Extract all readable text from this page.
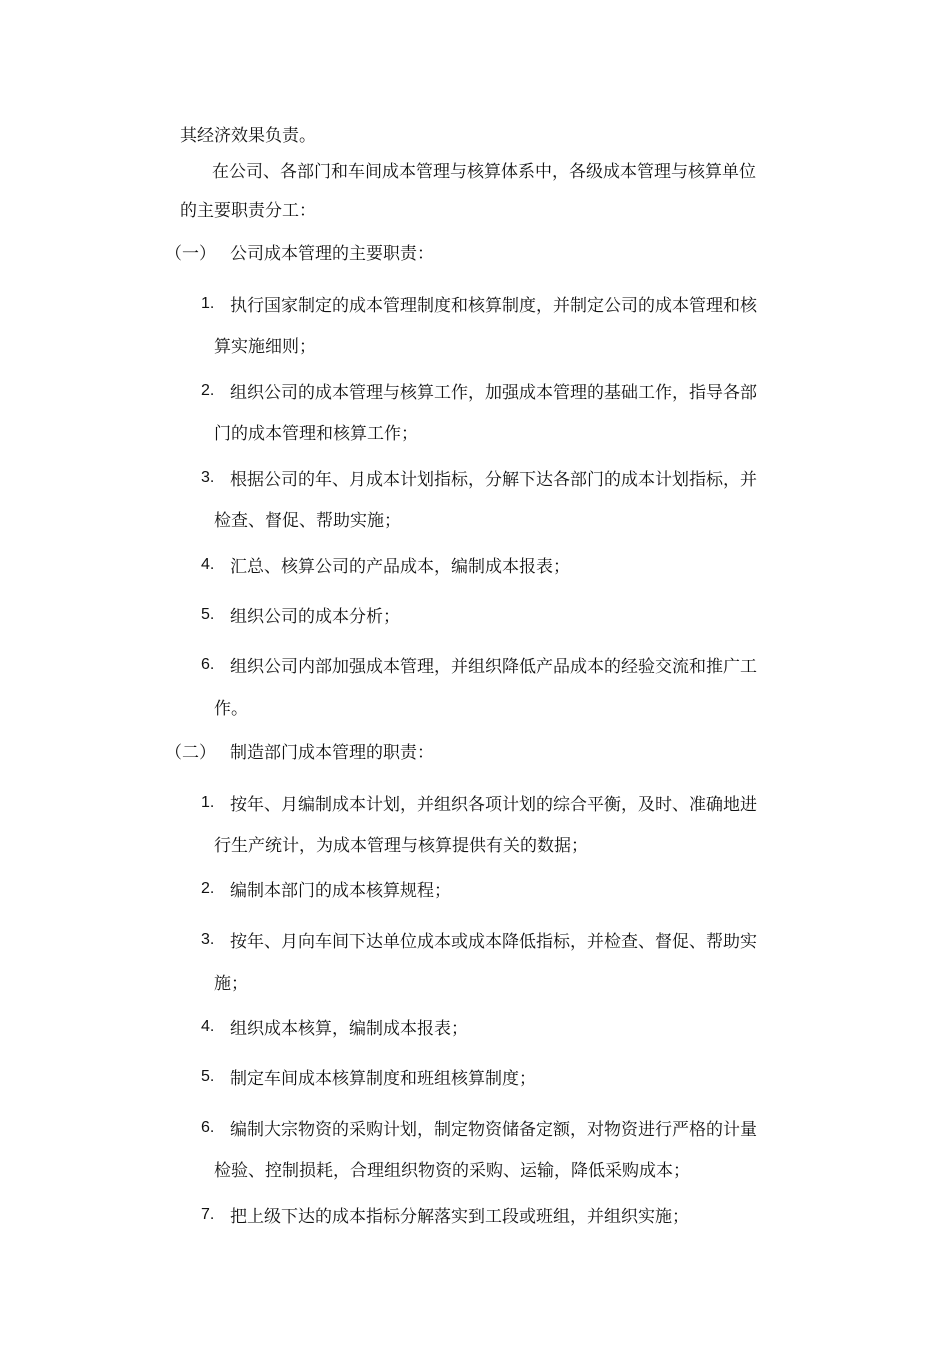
其经济效果负责。
在公司、各部门和车间成本管理与核算体系中，各级成本管理与核算单位
的主要职责分工：
（一） 公司成本管理的主要职责：
1. 执行国家制定的成本管理制度和核算制度，并制定公司的成本管理和核
算实施细则；
2. 组织公司的成本管理与核算工作，加强成本管理的基础工作，指导各部
门的成本管理和核算工作；
3. 根据公司的年、月成本计划指标，分解下达各部门的成本计划指标，并
检查、督促、帮助实施；
4. 汇总、核算公司的产品成本，编制成本报表；
5. 组织公司的成本分析；
6. 组织公司内部加强成本管理，并组织降低产品成本的经验交流和推广工
作。
（二） 制造部门成本管理的职责：
1. 按年、月编制成本计划，并组织各项计划的综合平衡，及时、准确地进
行生产统计，为成本管理与核算提供有关的数据；
2. 编制本部门的成本核算规程；
3. 按年、月向车间下达单位成本或成本降低指标，并检查、督促、帮助实
施；
4. 组织成本核算，编制成本报表；
5. 制定车间成本核算制度和班组核算制度；
6. 编制大宗物资的采购计划，制定物资储备定额，对物资进行严格的计量
检验、控制损耗，合理组织物资的采购、运输，降低采购成本；
7. 把上级下达的成本指标分解落实到工段或班组，并组织实施；
